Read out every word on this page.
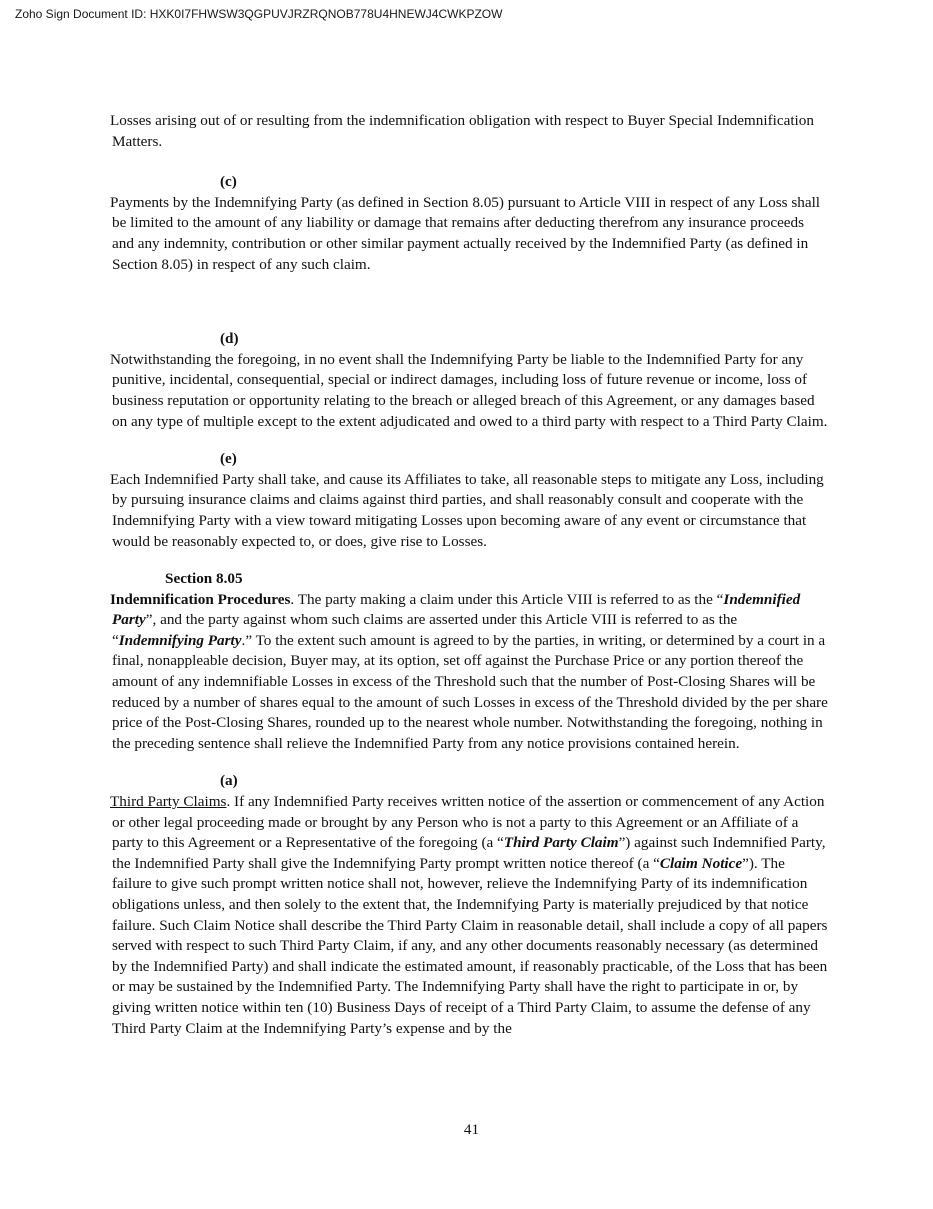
Zoho Sign Document ID: HXK0I7FHWSW3QGPUVJRZRQNOB778U4HNEWJ4CWKPZOW

Losses arising out of or resulting from the indemnification obligation with respect to Buyer Special Indemnification Matters.

(c)

Payments by the Indemnifying Party (as defined in Section 8.05) pursuant to Article VIII in respect of any Loss shall be limited to the amount of any liability or damage that remains after deducting therefrom any insurance proceeds and any indemnity, contribution or other similar payment actually received by the Indemnified Party (as defined in Section 8.05) in respect of any such claim.

(d)

Notwithstanding the foregoing, in no event shall the Indemnifying Party be liable to the Indemnified Party for any punitive, incidental, consequential, special or indirect damages, including loss of future revenue or income, loss of business reputation or opportunity relating to the breach or alleged breach of this Agreement, or any damages based on any type of multiple except to the extent adjudicated and owed to a third party with respect to a Third Party Claim.

(e)

Each Indemnified Party shall take, and cause its Affiliates to take, all reasonable steps to mitigate any Loss, including by pursuing insurance claims and claims against third parties, and shall reasonably consult and cooperate with the Indemnifying Party with a view toward mitigating Losses upon becoming aware of any event or circumstance that would be reasonably expected to, or does, give rise to Losses.

Section 8.05

Indemnification Procedures. The party making a claim under this Article VIII is referred to as the “Indemnified Party”, and the party against whom such claims are asserted under this Article VIII is referred to as the “Indemnifying Party.” To the extent such amount is agreed to by the parties, in writing, or determined by a court in a final, nonappleable decision, Buyer may, at its option, set off against the Purchase Price or any portion thereof the amount of any indemnifiable Losses in excess of the Threshold such that the number of Post-Closing Shares will be reduced by a number of shares equal to the amount of such Losses in excess of the Threshold divided by the per share price of the Post-Closing Shares, rounded up to the nearest whole number. Notwithstanding the foregoing, nothing in the preceding sentence shall relieve the Indemnified Party from any notice provisions contained herein.

(a)

Third Party Claims. If any Indemnified Party receives written notice of the assertion or commencement of any Action or other legal proceeding made or brought by any Person who is not a party to this Agreement or an Affiliate of a party to this Agreement or a Representative of the foregoing (a “Third Party Claim”) against such Indemnified Party, the Indemnified Party shall give the Indemnifying Party prompt written notice thereof (a “Claim Notice”). The failure to give such prompt written notice shall not, however, relieve the Indemnifying Party of its indemnification obligations unless, and then solely to the extent that, the Indemnifying Party is materially prejudiced by that notice failure. Such Claim Notice shall describe the Third Party Claim in reasonable detail, shall include a copy of all papers served with respect to such Third Party Claim, if any, and any other documents reasonably necessary (as determined by the Indemnified Party) and shall indicate the estimated amount, if reasonably practicable, of the Loss that has been or may be sustained by the Indemnified Party. The Indemnifying Party shall have the right to participate in or, by giving written notice within ten (10) Business Days of receipt of a Third Party Claim, to assume the defense of any Third Party Claim at the Indemnifying Party’s expense and by the

41
